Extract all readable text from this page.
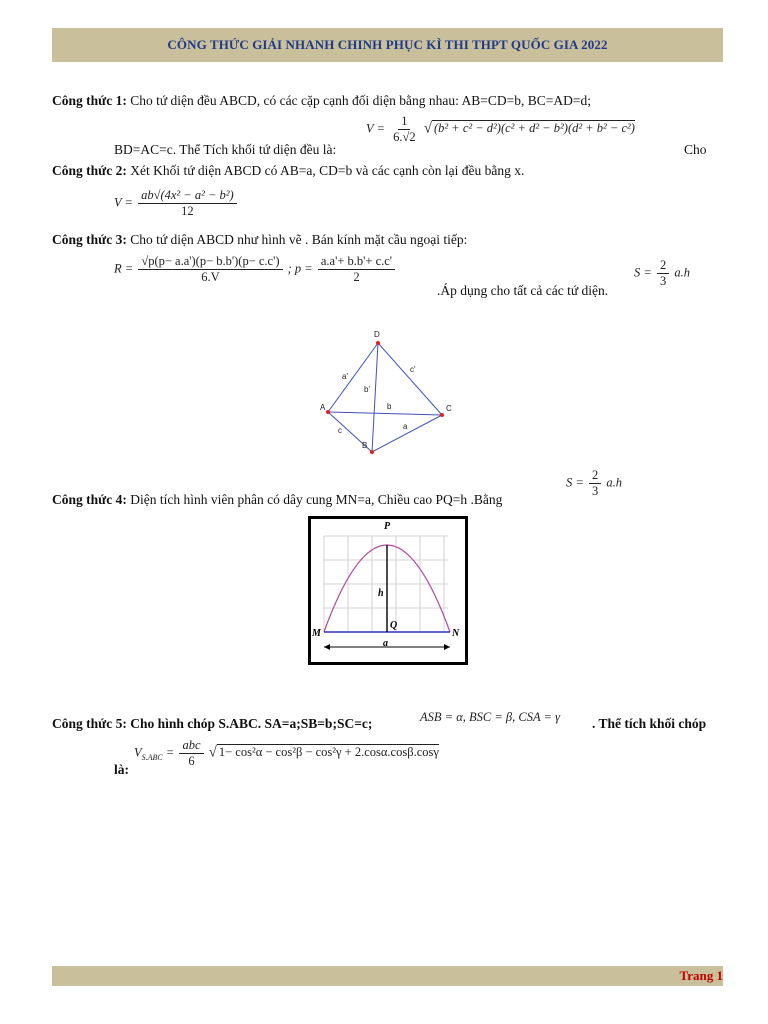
CÔNG THỨC GIẢI NHANH CHINH PHỤC KÌ THI THPT QUỐC GIA 2022
Công thức 1: Cho tứ diện đều ABCD, có các cặp cạnh đối diện bằng nhau: AB=CD=b, BC=AD=d;
$V = \frac{1}{6.√2}$ √ (b² + c² − d²)(c² + d² − b²)(d² + b² − c²)
BD=AC=c. Thể Tích khối tứ diện đều là:	Cho
Công thức 2: Xét Khối tứ diện ABCD có AB=a, CD=b và các cạnh còn lại đều bằng x.
$V = \frac{\text{ab√(4x² − a² − b²)}}{12}$
Công thức 3: Cho tứ diện ABCD như hình vẽ . Bán kính mặt cầu ngoại tiếp:
$R = \frac{√p(p- a.a')(p- b.b')(p- c.c')}{6.V}$ ; $p = \frac{a.a'+ b.b'+ c.c'}{2}$
.Áp dụng cho tất cả các tứ diện.
$S = \frac{2}{3} a.h$
D
A
B
C
a'
b'
c'
a
b
c
Công thức 4: Diện tích hình viên phân có dây cung MN=a, Chiều cao PQ=h .Bằng
$S = \frac{2}{3} a.h$
P
Q
M	N
h
a
Công thức 5: Cho hình chóp S.ABC. SA=a;SB=b;SC=c;	ASB = α, BSC = β, CSA = γ . Thể tích khối chóp
là:
$V_{S.ABC} = \frac{\text{abc}}{6}$ √ 1− cos²α − cos²β − cos²γ + 2.cosα.cosβ.cosγ
Trang 1
